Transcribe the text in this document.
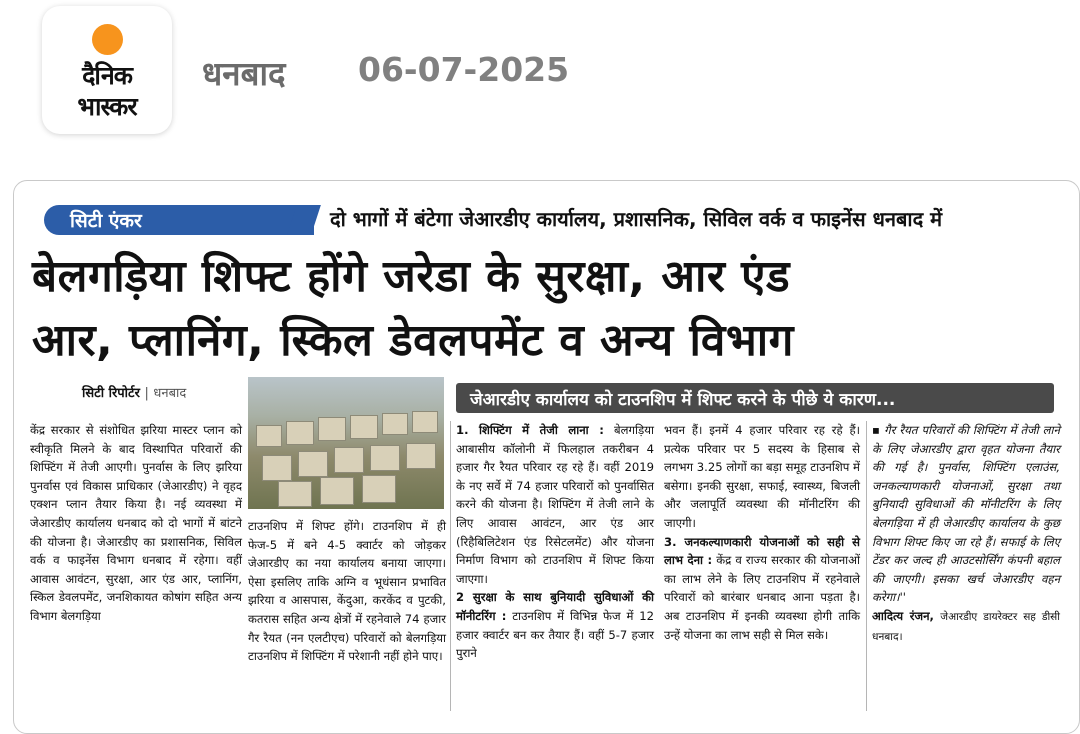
दैनिक
भास्कर
धनबाद 06-07-2025
सिटी एंकर	दो भागों में बंटेगा जेआरडीए कार्यालय, प्रशासनिक, सिविल वर्क व फाइनेंस धनबाद में
बेलगड़िया शिफ्ट होंगे जरेडा के सुरक्षा, आर एंड
आर, प्लानिंग, स्किल डेवलपमेंट व अन्य विभाग
सिटी रिपोर्टर | धनबाद	जेआरडीए कार्यालय को टाउनशिप में शिफ्ट करने के पीछे ये कारण...

केंद्र सरकार से संशोधित झरिया मास्टर प्लान को स्वीकृति मिलने के बाद विस्थापित परिवारों की शिफ्टिंग में तेजी आएगी। पुनर्वास के लिए झरिया पुनर्वास एवं विकास प्राधिकार (जेआरडीए) ने वृहद एक्शन प्लान तैयार किया है। नई व्यवस्था में जेआरडीए कार्यालय धनबाद को दो भागों में बांटने की योजना है। जेआरडीए का प्रशासनिक, सिविल वर्क व फाइनेंस विभाग धनबाद में रहेगा। वहीं आवास आवंटन, सुरक्षा, आर एंड आर, प्लानिंग, स्किल डेवलपमेंट, जनशिकायत कोषांग सहित अन्य विभाग बेलगड़िया

टाउनशिप में शिफ्ट होंगे। टाउनशिप में ही फेज-5 में बने 4-5 क्वार्टर को जोड़कर जेआरडीए का नया कार्यालय बनाया जाएगा। ऐसा इसलिए ताकि अग्नि व भूधंसान प्रभावित झरिया व आसपास, केंदुआ, करकेंद व पुटकी, कतरास सहित अन्य क्षेत्रों में रहनेवाले 74 हजार गैर रैयत (नन एलटीएच) परिवारों को बेलगड़िया टाउनशिप में शिफ्टिंग में परेशानी नहीं होने पाए।

1. शिफ्टिंग में तेजी लाना : बेलगड़िया आबासीय कॉलोनी में फिलहाल तकरीबन 4 हजार गैर रैयत परिवार रह रहे हैं। वहीं 2019 के नए सर्वे में 74 हजार परिवारों को पुनर्वासित करने की योजना है। शिफ्टिंग में तेजी लाने के लिए आवास आवंटन, आर एंड आर (रिहैबिलिटेशन एंड रिसेटलमेंट) और योजना निर्माण विभाग को टाउनशिप में शिफ्ट किया जाएगा।

2 सुरक्षा के साथ बुनियादी सुविधाओं की मॉनीटरिंग : टाउनशिप में विभिन्न फेज में 12 हजार क्वार्टर बन कर तैयार हैं। वहीं 5-7 हजार पुराने

भवन हैं। इनमें 4 हजार परिवार रह रहे हैं। प्रत्येक परिवार पर 5 सदस्य के हिसाब से लगभग 3.25 लोगों का बड़ा समूह टाउनशिप में बसेगा। इनकी सुरक्षा, सफाई, स्वास्थ्य, बिजली और जलापूर्ति व्यवस्था की मॉनीटरिंग की जाएगी।

3. जनकल्याणकारी योजनाओं को सही से लाभ देना : केंद्र व राज्य सरकार की योजनाओं का लाभ लेने के लिए टाउनशिप में रहनेवाले परिवारों को बारंबार धनबाद आना पड़ता है। अब टाउनशिप में इनकी व्यवस्था होगी ताकि उन्हें योजना का लाभ सही से मिल सके।

▪ गैर रैयत परिवारों की शिफ्टिंग में तेजी लाने के लिए जेआरडीए द्वारा वृहत योजना तैयार की गई है। पुनर्वास, शिफ्टिंग एलाउंस, जनकल्याणकारी योजनाओं, सुरक्षा तथा बुनियादी सुविधाओं की मॉनीटरिंग के लिए बेलगड़िया में ही जेआरडीए कार्यालय के कुछ विभाग शिफ्ट किए जा रहे हैं। सफाई के लिए टेंडर कर जल्द ही आउटसोर्सिंग कंपनी बहाल की जाएगी। इसका खर्च जेआरडीए वहन करेगा।''

आदित्य रंजन, जेआरडीए डायरेक्टर सह डीसी धनबाद।
